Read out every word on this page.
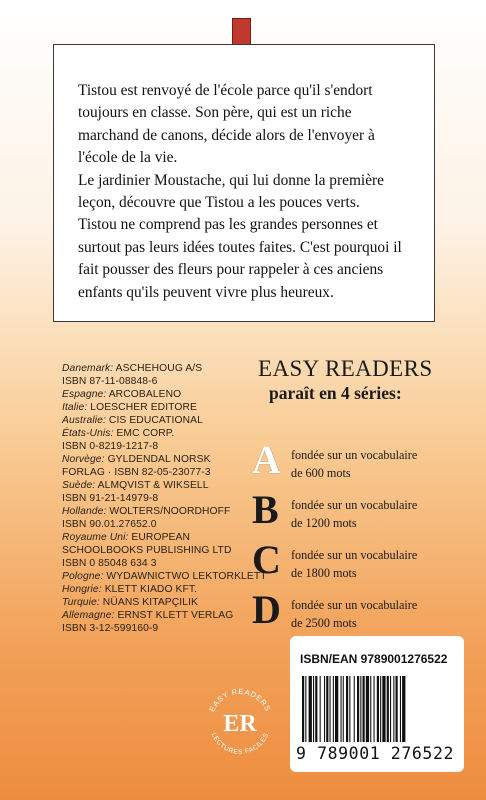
Tistou est renvoyé de l'école parce qu'il s'endort toujours en classe. Son père, qui est un riche marchand de canons, décide alors de l'envoyer à l'école de la vie.

Le jardinier Moustache, qui lui donne la première leçon, découvre que Tistou a les pouces verts.

Tistou ne comprend pas les grandes personnes et surtout pas leurs idées toutes faites. C'est pourquoi il fait pousser des fleurs pour rappeler à ces anciens enfants qu'ils peuvent vivre plus heureux.

Danemark: ASCHEHOUG A/S
ISBN 87-11-08848-6
Espagne: ARCOBALENO
Italie: LOESCHER EDITORE
Australie: CIS EDUCATIONAL
États-Unis: EMC CORP.
ISBN 0-8219-1217-8
Norvège: GYLDENDAL NORSK
FORLAG · ISBN 82-05-23077-3
Suède: ALMQVIST & WIKSELL
ISBN 91-21-14979-8
Hollande: WOLTERS/NOORDHOFF
ISBN 90.01.27652.0
Royaume Uni: EUROPEAN
SCHOOLBOOKS PUBLISHING LTD
ISBN 0 85048 634 3
Pologne: WYDAWNICTWO LEKTORKLETT
Hongrie: KLETT KIADO KFT.
Turquie: NÜANS KITAPÇILIK
Allemagne: ERNST KLETT VERLAG
ISBN 3-12-599160-9
EASY READERS
paraît en 4 séries:
A fondée sur un vocabulaire
de 600 mots
B fondée sur un vocabulaire
de 1200 mots
C fondée sur un vocabulaire
de 1800 mots
D fondée sur un vocabulaire
de 2500 mots
EASY READERS
ER
LECTURES FACILES
ISBN/EAN 9789001276522
9 789001 276522
